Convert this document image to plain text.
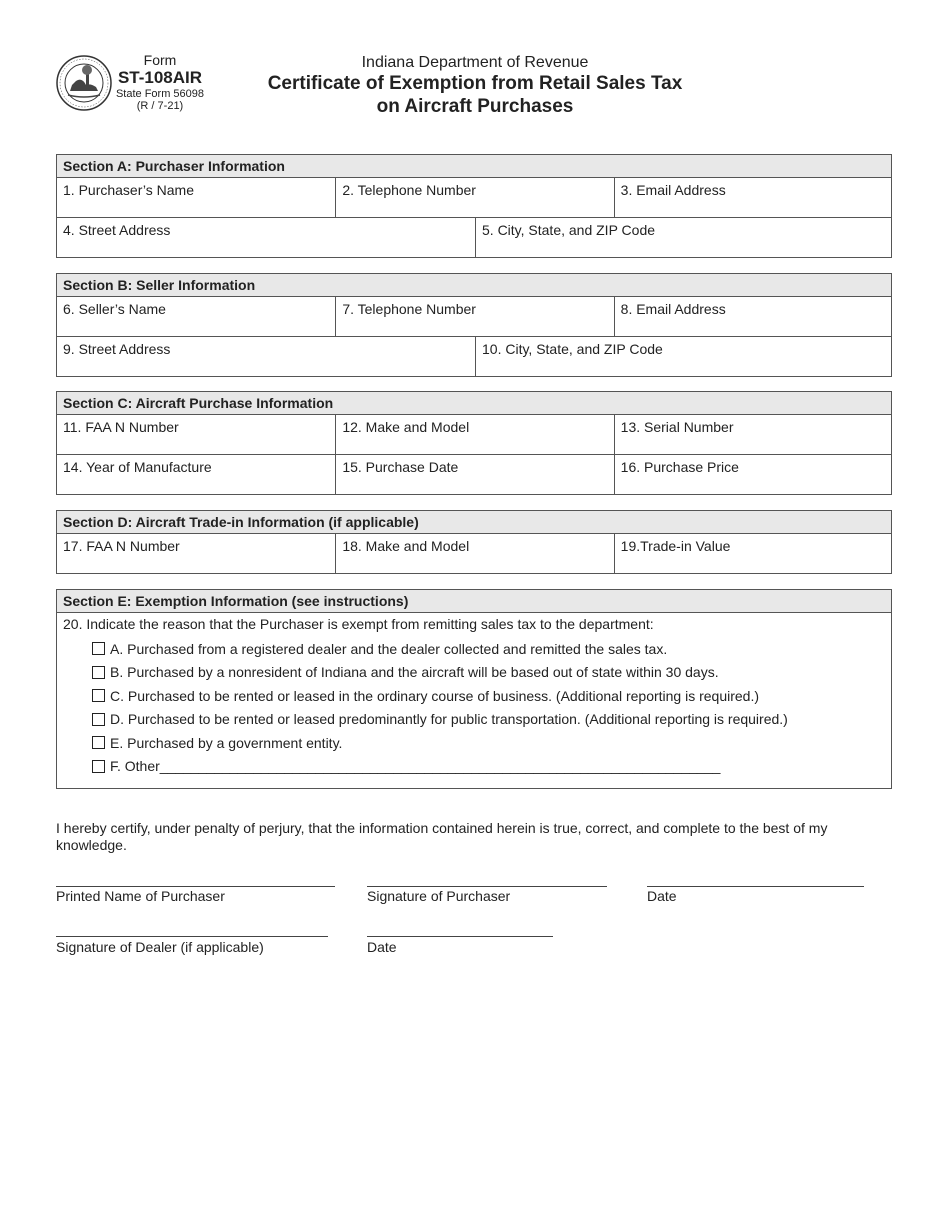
Form
ST-108AIR
State Form 56098
(R / 7-21)
Indiana Department of Revenue
Certificate of Exemption from Retail Sales Tax
on Aircraft Purchases
Section A: Purchaser Information
1. Purchaser’s Name	2. Telephone Number	3. Email Address
4. Street Address	5. City, State, and ZIP Code
Section B: Seller Information
6. Seller’s Name	7. Telephone Number	8. Email Address
9. Street Address	10. City, State, and ZIP Code
Section C: Aircraft Purchase Information
11. FAA N Number	12. Make and Model	13. Serial Number
14. Year of Manufacture	15. Purchase Date	16. Purchase Price
Section D: Aircraft Trade-in Information (if applicable)
17. FAA N Number	18. Make and Model	19.Trade-in Value
Section E: Exemption Information (see instructions)
20. Indicate the reason that the Purchaser is exempt from remitting sales tax to the department:
A. Purchased from a registered dealer and the dealer collected and remitted the sales tax.
B. Purchased by a nonresident of Indiana and the aircraft will be based out of state within 30 days.
C. Purchased to be rented or leased in the ordinary course of business. (Additional reporting is required.)
D. Purchased to be rented or leased predominantly for public transportation. (Additional reporting is required.)
E. Purchased by a government entity.
F. Other________________________________________________________________________
I hereby certify, under penalty of perjury, that the information contained herein is true, correct, and complete to the best of my knowledge.
Printed Name of Purchaser	Signature of Purchaser	Date
Signature of Dealer (if applicable)	Date
